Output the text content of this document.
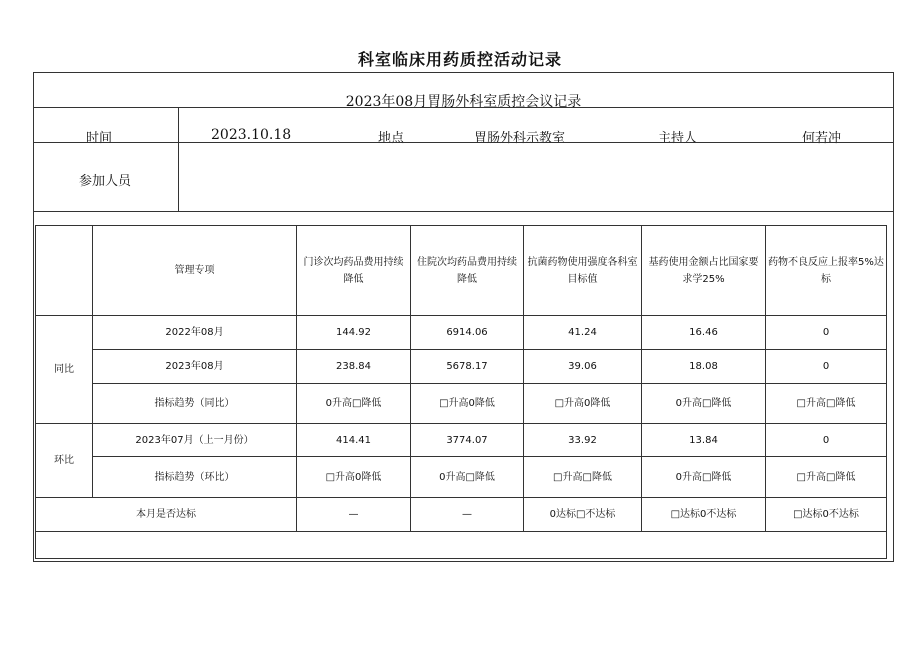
科室临床用药质控活动记录
2023年08月胃肠外科室质控会议记录
时间	2023.10.18	地点	胃肠外科示教室	主持人	何若冲
参加人员
	管理专项	门诊次均药品费用持续降低	住院次均药品费用持续降低	抗菌药物使用强度各科室目标值	基药使用金额占比国家要求学25%	药物不良反应上报率5%达标
同比	2022年08月	144.92	6914.06	41.24	16.46	0
	2023年08月	238.84	5678.17	39.06	18.08	0
	指标趋势（同比）	0升高□降低	□升高0降低	□升高0降低	0升高□降低	□升高□降低
环比	2023年07月（上一月份）	414.41	3774.07	33.92	13.84	0
	指标趋势（环比）	□升高0降低	0升高□降低	□升高□降低	0升高□降低	□升高□降低
本月是否达标		—	—	0达标□不达标	□达标0不达标	□达标0不达标
